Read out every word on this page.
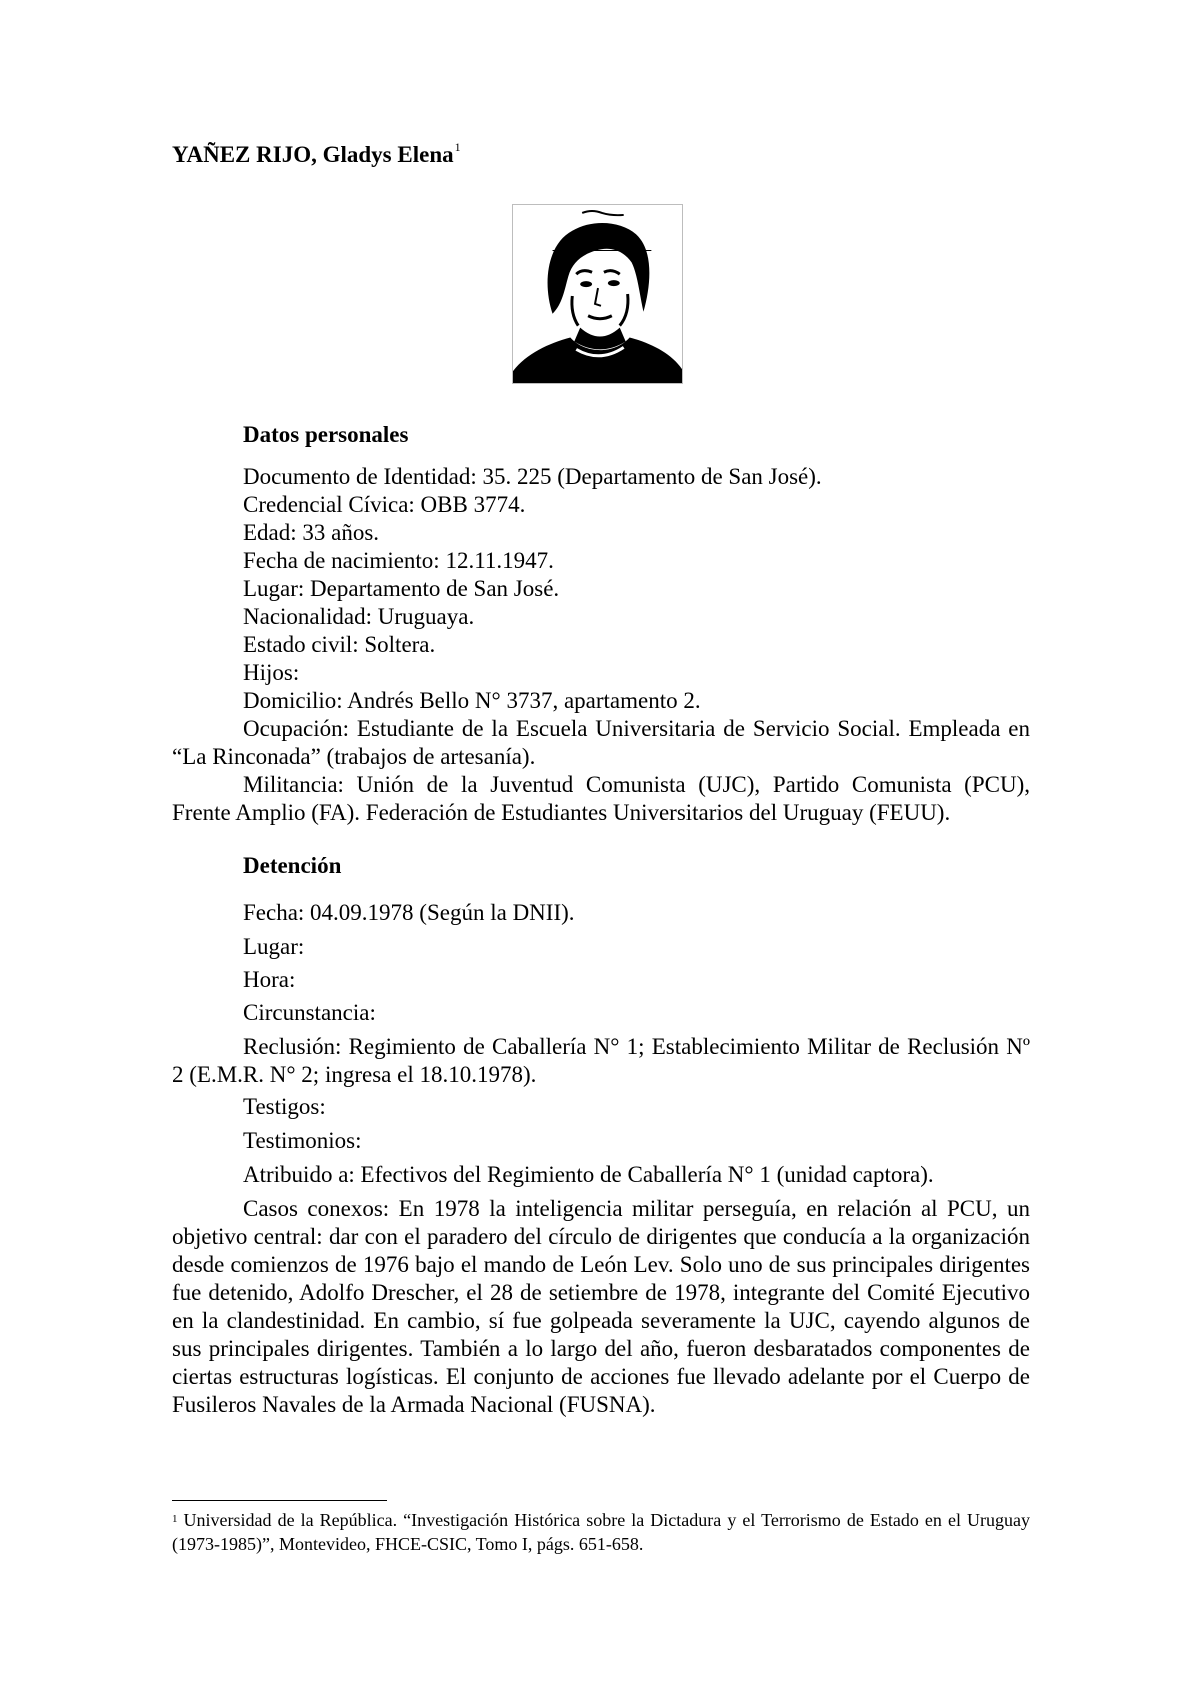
YAÑEZ RIJO, Gladys Elena$^1$
Datos personales
Documento de Identidad: 35. 225 (Departamento de San José).
Credencial Cívica: OBB 3774.
Edad: 33 años.
Fecha de nacimiento: 12.11.1947.
Lugar: Departamento de San José.
Nacionalidad: Uruguaya.
Estado civil: Soltera.
Hijos:
Domicilio: Andrés Bello N° 3737, apartamento 2.
Ocupación: Estudiante de la Escuela Universitaria de Servicio Social. Empleada en “La Rinconada” (trabajos de artesanía).
Militancia: Unión de la Juventud Comunista (UJC), Partido Comunista (PCU), Frente Amplio (FA). Federación de Estudiantes Universitarios del Uruguay (FEUU).
Detención
Fecha: 04.09.1978 (Según la DNII).
Lugar:
Hora:
Circunstancia:
Reclusión: Regimiento de Caballería N° 1; Establecimiento Militar de Reclusión Nº 2 (E.M.R. N° 2; ingresa el 18.10.1978).
Testigos:
Testimonios:
Atribuido a: Efectivos del Regimiento de Caballería N° 1 (unidad captora).
Casos conexos: En 1978 la inteligencia militar perseguía, en relación al PCU, un objetivo central: dar con el paradero del círculo de dirigentes que conducía a la organización desde comienzos de 1976 bajo el mando de León Lev. Solo uno de sus principales dirigentes fue detenido, Adolfo Drescher, el 28 de setiembre de 1978, integrante del Comité Ejecutivo en la clandestinidad. En cambio, sí fue golpeada severamente la UJC, cayendo algunos de sus principales dirigentes. También a lo largo del año, fueron desbaratados componentes de ciertas estructuras logísticas. El conjunto de acciones fue llevado adelante por el Cuerpo de Fusileros Navales de la Armada Nacional (FUSNA).
$^1$ Universidad de la República. “Investigación Histórica sobre la Dictadura y el Terrorismo de Estado en el Uruguay (1973-1985)”, Montevideo, FHCE-CSIC, Tomo I, págs. 651-658.
